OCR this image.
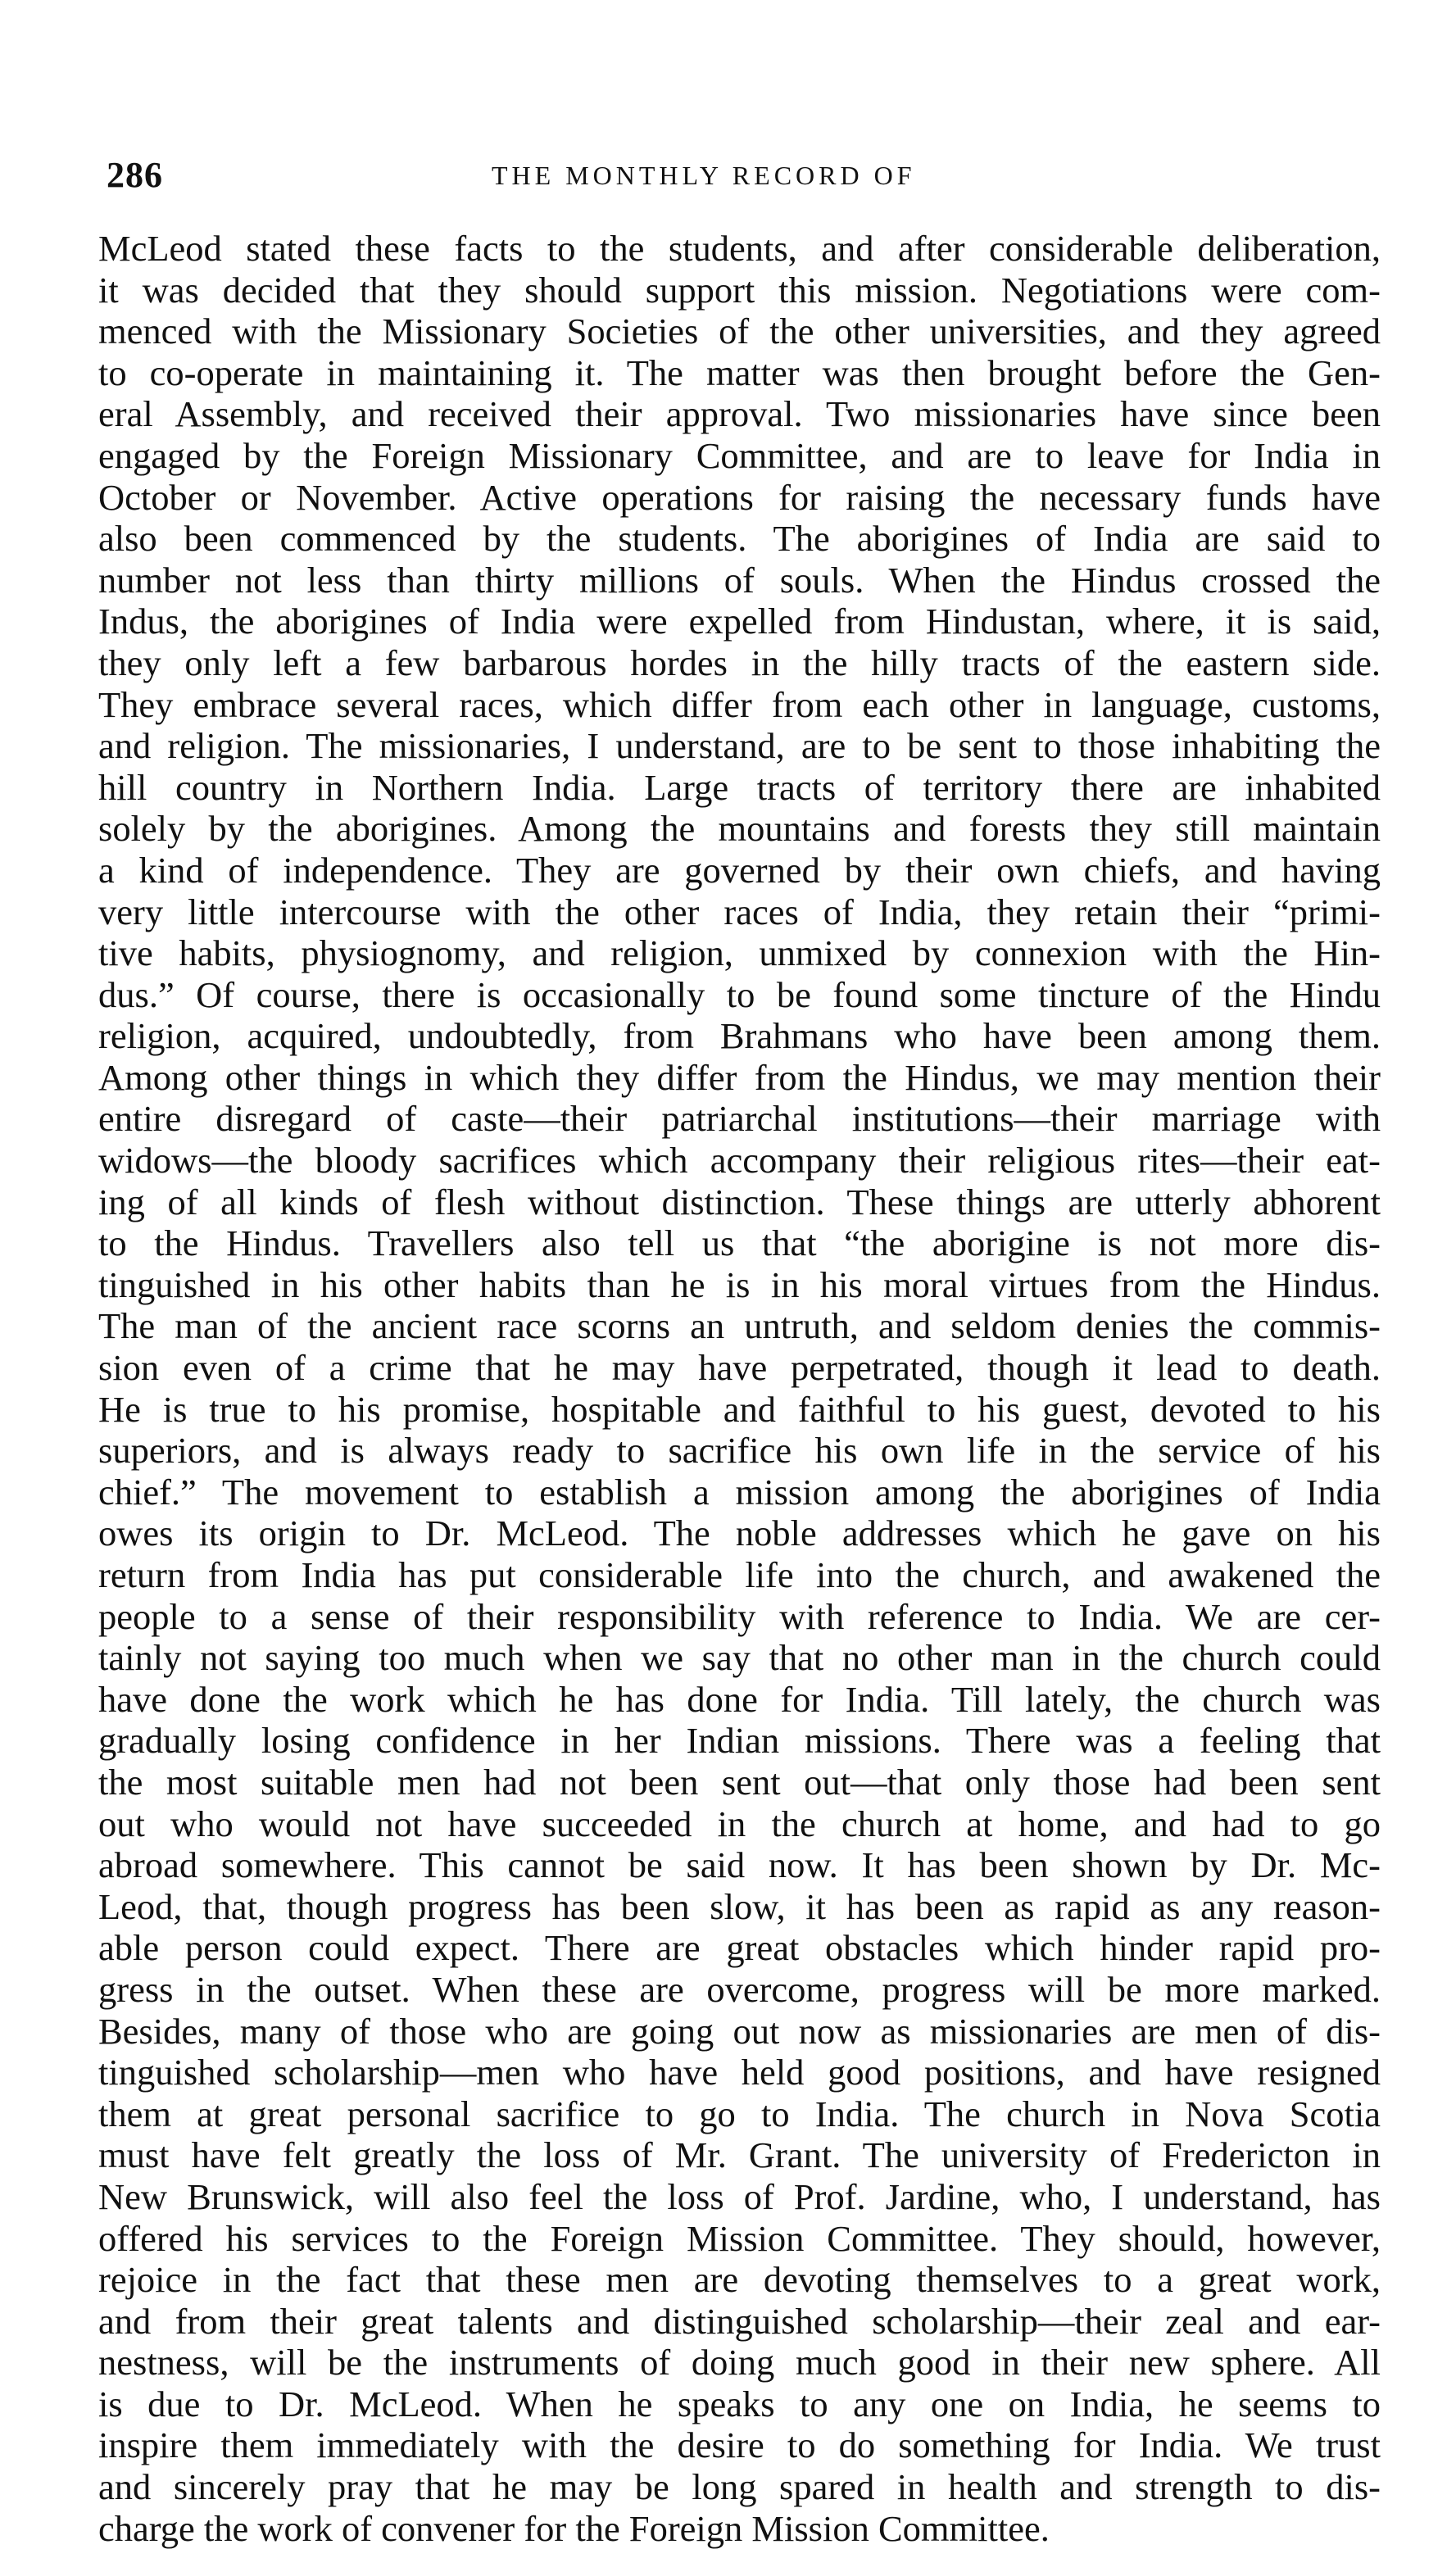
286	THE MONTHLY RECORD OF
McLeod stated these facts to the students, and after considerable deliberation,
it was decided that they should support this mission. Negotiations were com-
menced with the Missionary Societies of the other universities, and they agreed
to co-operate in maintaining it. The matter was then brought before the Gen-
eral Assembly, and received their approval. Two missionaries have since been
engaged by the Foreign Missionary Committee, and are to leave for India in
October or November. Active operations for raising the necessary funds have
also been commenced by the students. The aborigines of India are said to
number not less than thirty millions of souls. When the Hindus crossed the
Indus, the aborigines of India were expelled from Hindustan, where, it is said,
they only left a few barbarous hordes in the hilly tracts of the eastern side.
They embrace several races, which differ from each other in language, customs,
and religion. The missionaries, I understand, are to be sent to those inhabiting the
hill country in Northern India. Large tracts of territory there are inhabited
solely by the aborigines. Among the mountains and forests they still maintain
a kind of independence. They are governed by their own chiefs, and having
very little intercourse with the other races of India, they retain their “primi-
tive habits, physiognomy, and religion, unmixed by connexion with the Hin-
dus.” Of course, there is occasionally to be found some tincture of the Hindu
religion, acquired, undoubtedly, from Brahmans who have been among them.
Among other things in which they differ from the Hindus, we may mention their
entire disregard of caste—their patriarchal institutions—their marriage with
widows—the bloody sacrifices which accompany their religious rites—their eat-
ing of all kinds of flesh without distinction. These things are utterly abhorent
to the Hindus. Travellers also tell us that “the aborigine is not more dis-
tinguished in his other habits than he is in his moral virtues from the Hindus.
The man of the ancient race scorns an untruth, and seldom denies the commis-
sion even of a crime that he may have perpetrated, though it lead to death.
He is true to his promise, hospitable and faithful to his guest, devoted to his
superiors, and is always ready to sacrifice his own life in the service of his
chief.” The movement to establish a mission among the aborigines of India
owes its origin to Dr. McLeod. The noble addresses which he gave on his
return from India has put considerable life into the church, and awakened the
people to a sense of their responsibility with reference to India. We are cer-
tainly not saying too much when we say that no other man in the church could
have done the work which he has done for India. Till lately, the church was
gradually losing confidence in her Indian missions. There was a feeling that
the most suitable men had not been sent out—that only those had been sent
out who would not have succeeded in the church at home, and had to go
abroad somewhere. This cannot be said now. It has been shown by Dr. Mc-
Leod, that, though progress has been slow, it has been as rapid as any reason-
able person could expect. There are great obstacles which hinder rapid pro-
gress in the outset. When these are overcome, progress will be more marked.
Besides, many of those who are going out now as missionaries are men of dis-
tinguished scholarship—men who have held good positions, and have resigned
them at great personal sacrifice to go to India. The church in Nova Scotia
must have felt greatly the loss of Mr. Grant. The university of Fredericton in
New Brunswick, will also feel the loss of Prof. Jardine, who, I understand, has
offered his services to the Foreign Mission Committee. They should, however,
rejoice in the fact that these men are devoting themselves to a great work,
and from their great talents and distinguished scholarship—their zeal and ear-
nestness, will be the instruments of doing much good in their new sphere. All
is due to Dr. McLeod. When he speaks to any one on India, he seems to
inspire them immediately with the desire to do something for India. We trust
and sincerely pray that he may be long spared in health and strength to dis-
charge the work of convener for the Foreign Mission Committee.
